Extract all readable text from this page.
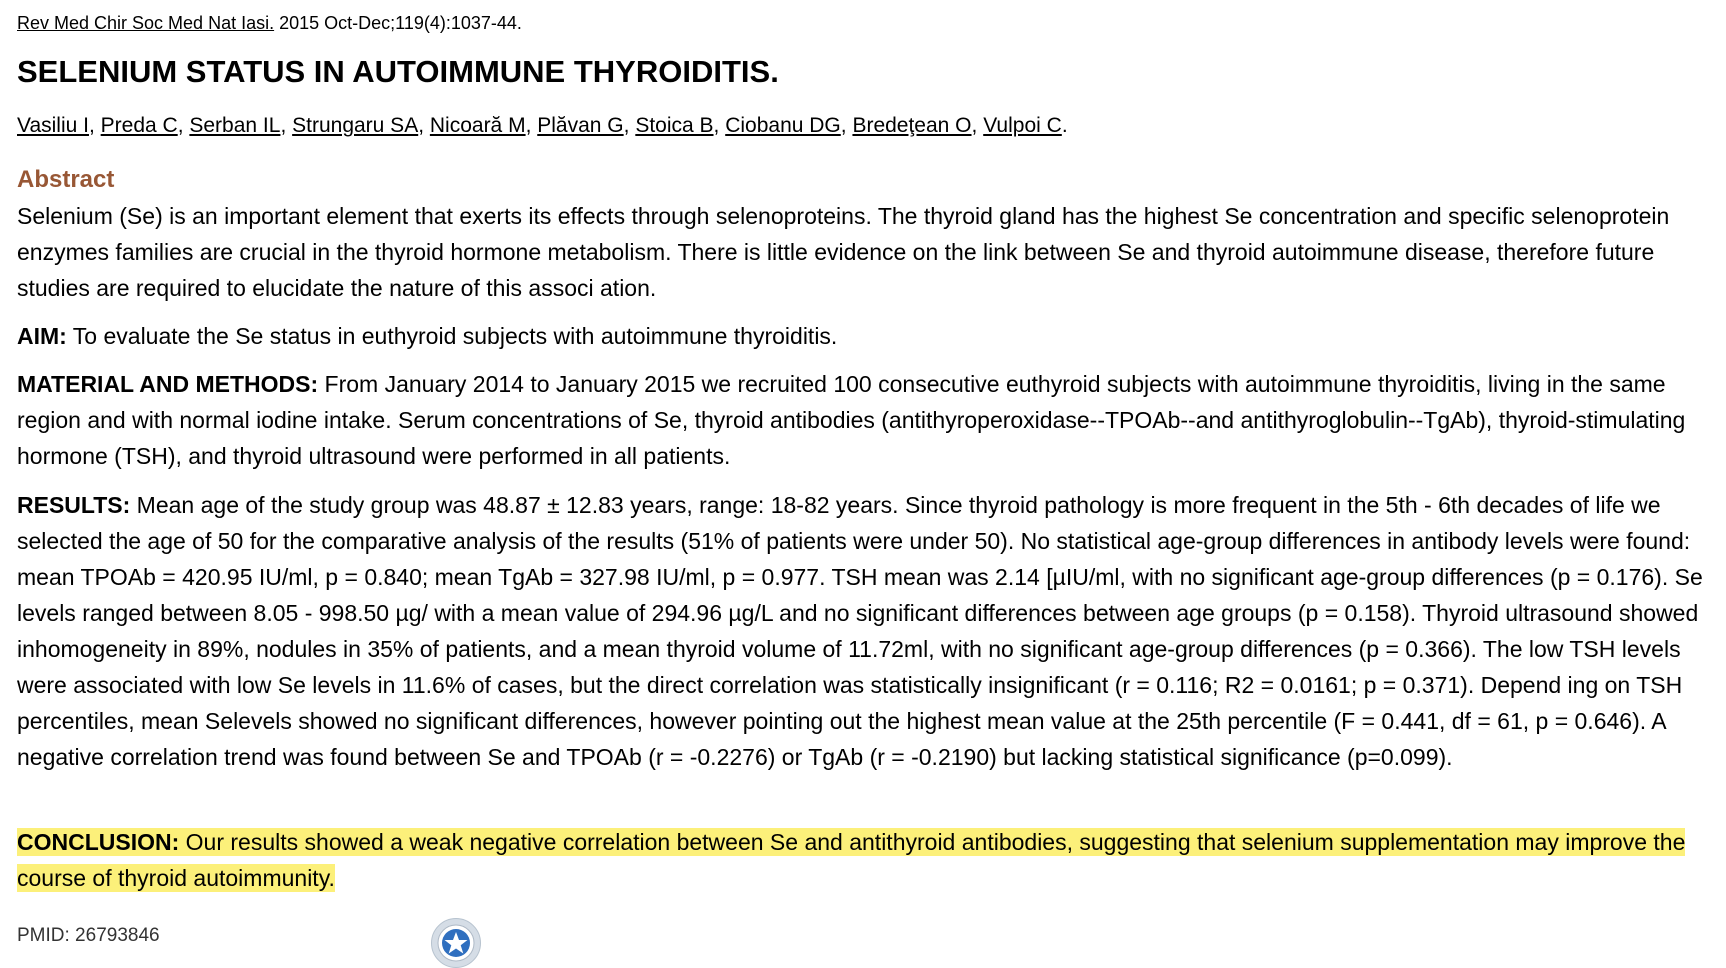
Rev Med Chir Soc Med Nat Iasi. 2015 Oct-Dec;119(4):1037-44.
SELENIUM STATUS IN AUTOIMMUNE THYROIDITIS.
Vasiliu I, Preda C, Serban IL, Strungaru SA, Nicoară M, Plăvan G, Stoica B, Ciobanu DG, Bredeţean O, Vulpoi C.
Abstract

Selenium (Se) is an important element that exerts its effects through selenoproteins. The thyroid gland has the highest Se concentration and specific selenoprotein enzymes families are crucial in the thyroid hormone metabolism. There is little evidence on the link between Se and thyroid autoimmune disease, therefore future studies are required to elucidate the nature of this associ ation.

AIM: To evaluate the Se status in euthyroid subjects with autoimmune thyroiditis.

MATERIAL AND METHODS: From January 2014 to January 2015 we recruited 100 consecutive euthyroid subjects with autoimmune thyroiditis, living in the same region and with normal iodine intake. Serum concentrations of Se, thyroid antibodies (antithyroperoxidase--TPOAb--and antithyroglobulin--TgAb), thyroid-stimulating hormone (TSH), and thyroid ultrasound were performed in all patients.

RESULTS: Mean age of the study group was 48.87 ± 12.83 years, range: 18-82 years. Since thyroid pathology is more frequent in the 5th - 6th decades of life we selected the age of 50 for the comparative analysis of the results (51% of patients were under 50). No statistical age-group differences in antibody levels were found: mean TPOAb = 420.95 IU/ml, p = 0.840; mean TgAb = 327.98 IU/ml, p = 0.977. TSH mean was 2.14 [µIU/ml, with no significant age-group differences (p = 0.176). Se levels ranged between 8.05 - 998.50 µg/ with a mean value of 294.96 µg/L and no significant differences between age groups (p = 0.158). Thyroid ultrasound showed inhomogeneity in 89%, nodules in 35% of patients, and a mean thyroid volume of 11.72ml, with no significant age-group differences (p = 0.366). The low TSH levels were associated with low Se levels in 11.6% of cases, but the direct correlation was statistically insignificant (r = 0.116; R2 = 0.0161; p = 0.371). Depend ing on TSH percentiles, mean Selevels showed no significant differences, however pointing out the highest mean value at the 25th percentile (F = 0.441, df = 61, p = 0.646). A negative correlation trend was found between Se and TPOAb (r = -0.2276) or TgAb (r = -0.2190) but lacking statistical significance (p=0.099).

CONCLUSION: Our results showed a weak negative correlation between Se and antithyroid antibodies, suggesting that selenium supplementation may improve the course of thyroid autoimmunity.

PMID: 26793846
